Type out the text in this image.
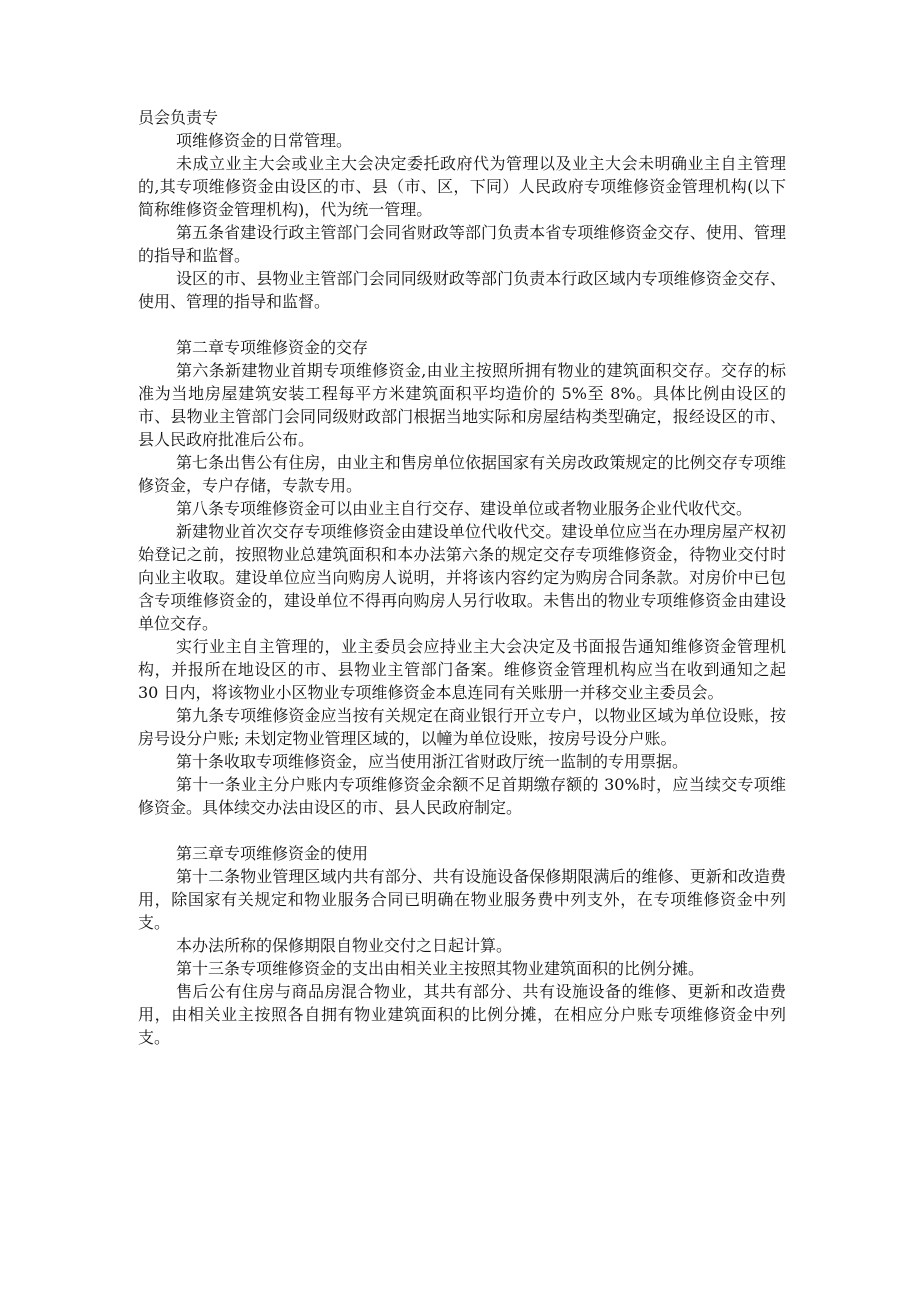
员会负责专

项维修资金的日常管理。

未成立业主大会或业主大会决定委托政府代为管理以及业主大会未明确业主自主管理的,其专项维修资金由设区的市、县（市、区，下同）人民政府专项维修资金管理机构(以下简称维修资金管理机构)，代为统一管理。

第五条省建设行政主管部门会同省财政等部门负责本省专项维修资金交存、使用、管理的指导和监督。

设区的市、县物业主管部门会同同级财政等部门负责本行政区域内专项维修资金交存、使用、管理的指导和监督。

第二章专项维修资金的交存

第六条新建物业首期专项维修资金,由业主按照所拥有物业的建筑面积交存。交存的标准为当地房屋建筑安装工程每平方米建筑面积平均造价的 5%至 8%。具体比例由设区的市、县物业主管部门会同同级财政部门根据当地实际和房屋结构类型确定，报经设区的市、县人民政府批准后公布。

第七条出售公有住房，由业主和售房单位依据国家有关房改政策规定的比例交存专项维修资金，专户存储，专款专用。

第八条专项维修资金可以由业主自行交存、建设单位或者物业服务企业代收代交。

新建物业首次交存专项维修资金由建设单位代收代交。建设单位应当在办理房屋产权初始登记之前，按照物业总建筑面积和本办法第六条的规定交存专项维修资金，待物业交付时向业主收取。建设单位应当向购房人说明，并将该内容约定为购房合同条款。对房价中已包含专项维修资金的，建设单位不得再向购房人另行收取。未售出的物业专项维修资金由建设单位交存。

实行业主自主管理的，业主委员会应持业主大会决定及书面报告通知维修资金管理机构，并报所在地设区的市、县物业主管部门备案。维修资金管理机构应当在收到通知之起 30 日内，将该物业小区物业专项维修资金本息连同有关账册一并移交业主委员会。

第九条专项维修资金应当按有关规定在商业银行开立专户，以物业区域为单位设账，按房号设分户账; 未划定物业管理区域的，以幢为单位设账，按房号设分户账。

第十条收取专项维修资金，应当使用浙江省财政厅统一监制的专用票据。

第十一条业主分户账内专项维修资金余额不足首期缴存额的 30%时，应当续交专项维修资金。具体续交办法由设区的市、县人民政府制定。

第三章专项维修资金的使用

第十二条物业管理区域内共有部分、共有设施设备保修期限满后的维修、更新和改造费用，除国家有关规定和物业服务合同已明确在物业服务费中列支外，在专项维修资金中列支。

本办法所称的保修期限自物业交付之日起计算。

第十三条专项维修资金的支出由相关业主按照其物业建筑面积的比例分摊。

售后公有住房与商品房混合物业，其共有部分、共有设施设备的维修、更新和改造费用，由相关业主按照各自拥有物业建筑面积的比例分摊，在相应分户账专项维修资金中列支。
